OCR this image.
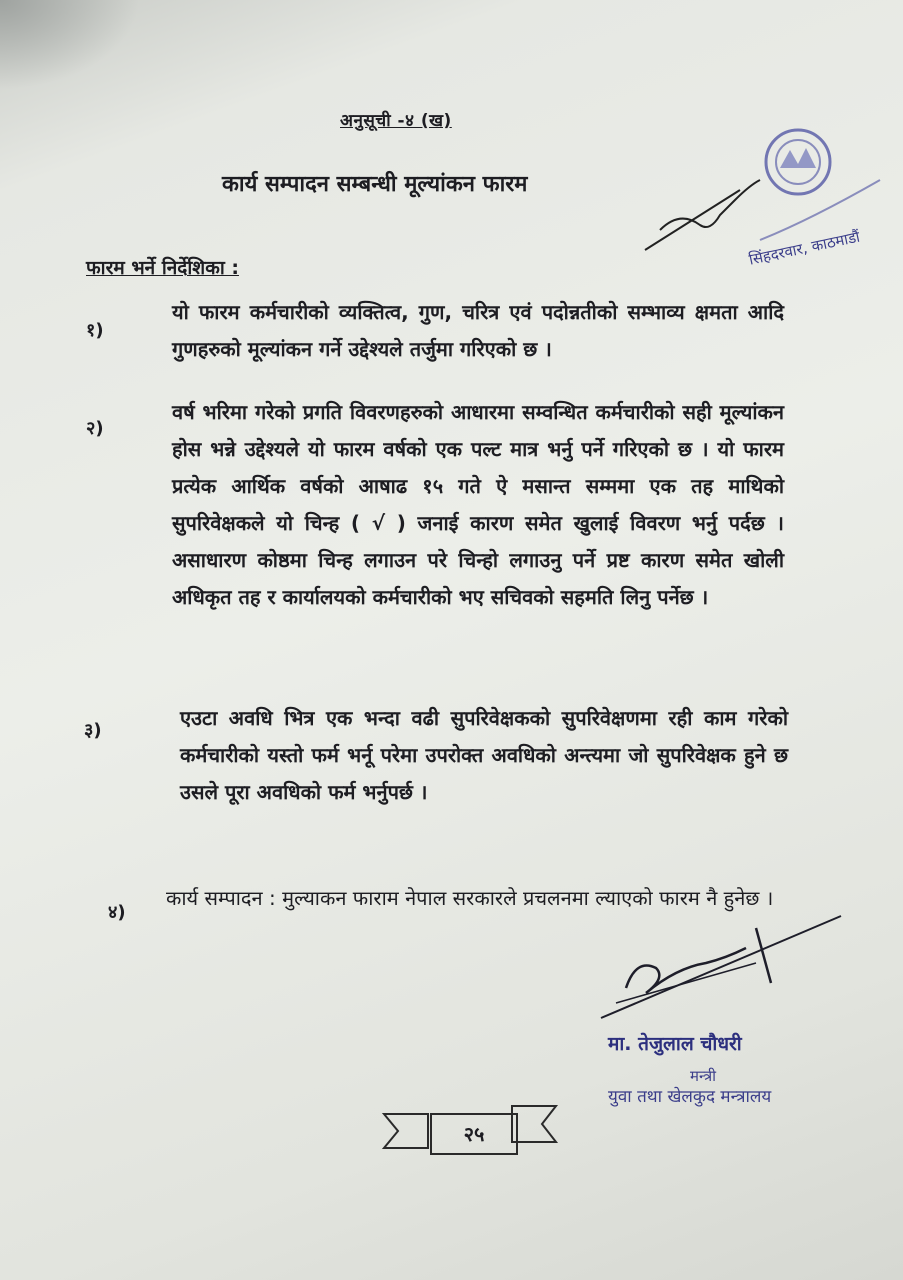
अनुसूची -४ (ख)
कार्य सम्पादन सम्बन्धी मूल्यांकन फारम
सिंहदरवार, काठमाडौं
फारम भर्ने निर्देशिका :
१)
यो फारम कर्मचारीको व्यक्तित्व, गुण, चरित्र एवं पदोन्नतीको सम्भाव्य क्षमता आदि गुणहरुको मूल्यांकन गर्ने उद्देश्यले तर्जुमा गरिएको छ ।
२)
वर्ष भरिमा गरेको प्रगति विवरणहरुको आधारमा सम्वन्धित कर्मचारीको सही मूल्यांकन होस भन्ने उद्देश्यले यो फारम वर्षको एक पल्ट मात्र भर्नु पर्ने गरिएको छ । यो फारम प्रत्येक आर्थिक वर्षको आषाढ १५ गते ऐ मसान्त सम्ममा एक तह माथिको सुपरिवेक्षकले यो चिन्ह ( √ ) जनाई कारण समेत खुलाई विवरण भर्नु पर्दछ । असाधारण कोष्ठमा चिन्ह लगाउन परे चिन्हो लगाउनु पर्ने प्रष्ट कारण समेत खोली अधिकृत तह र कार्यालयको कर्मचारीको भए सचिवको सहमति लिनु पर्नेछ ।
३)
एउटा अवधि भित्र एक भन्दा वढी सुपरिवेक्षकको सुपरिवेक्षणमा रही काम गरेको कर्मचारीको यस्तो फर्म भर्नू परेमा उपरोक्त अवधिको अन्त्यमा जो सुपरिवेक्षक हुने छ उसले पूरा अवधिको फर्म भर्नुपर्छ ।
४)
कार्य सम्पादन : मुल्याकन फाराम नेपाल सरकारले प्रचलनमा ल्याएको फारम नै हुनेछ ।
मा. तेजुलाल चौधरी
मन्त्री
युवा तथा खेलकुद मन्त्रालय
२५
